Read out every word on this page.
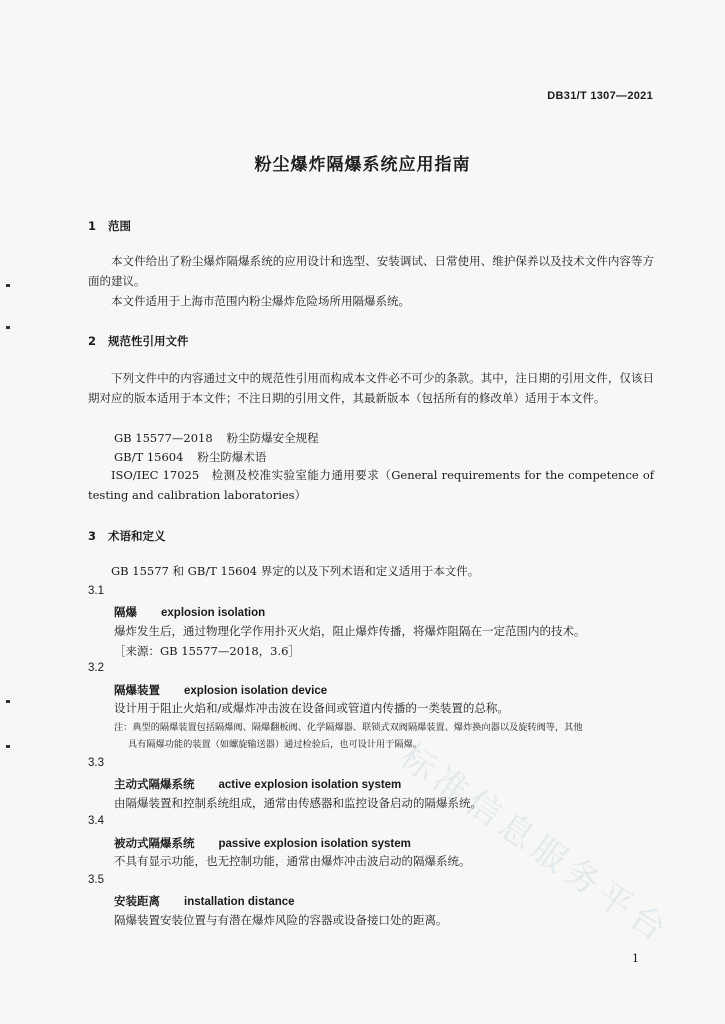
DB31/T 1307—2021
粉尘爆炸隔爆系统应用指南
1 范围
本文件给出了粉尘爆炸隔爆系统的应用设计和选型、安装调试、日常使用、维护保养以及技术文件内容等方面的建议。
本文件适用于上海市范围内粉尘爆炸危险场所用隔爆系统。
2 规范性引用文件
下列文件中的内容通过文中的规范性引用而构成本文件必不可少的条款。其中，注日期的引用文件，仅该日期对应的版本适用于本文件；不注日期的引用文件，其最新版本（包括所有的修改单）适用于本文件。
GB 15577—2018 粉尘防爆安全规程
GB/T 15604 粉尘防爆术语
ISO/IEC 17025　检测及校准实验室能力通用要求（General requirements for the competence of testing and calibration laboratories）
3 术语和定义
GB 15577 和 GB/T 15604 界定的以及下列术语和定义适用于本文件。
3.1
隔爆 explosion isolation
爆炸发生后，通过物理化学作用扑灭火焰，阻止爆炸传播，将爆炸阻隔在一定范围内的技术。
［来源：GB 15577—2018，3.6］
3.2
隔爆装置 explosion isolation device
设计用于阻止火焰和/或爆炸冲击波在设备间或管道内传播的一类装置的总称。
注：典型的隔爆装置包括隔爆阀、隔爆翻板阀、化学隔爆器、联锁式双阀隔爆装置、爆炸换向器以及旋转阀等，其他
具有隔爆功能的装置（如螺旋输送器）通过检验后，也可设计用于隔爆。
3.3
主动式隔爆系统 active explosion isolation system
由隔爆装置和控制系统组成，通常由传感器和监控设备启动的隔爆系统。
3.4
被动式隔爆系统 passive explosion isolation system
不具有显示功能，也无控制功能，通常由爆炸冲击波启动的隔爆系统。
3.5
安装距离 installation distance
隔爆装置安装位置与有潜在爆炸风险的容器或设备接口处的距离。
标准信息服务平台
1
